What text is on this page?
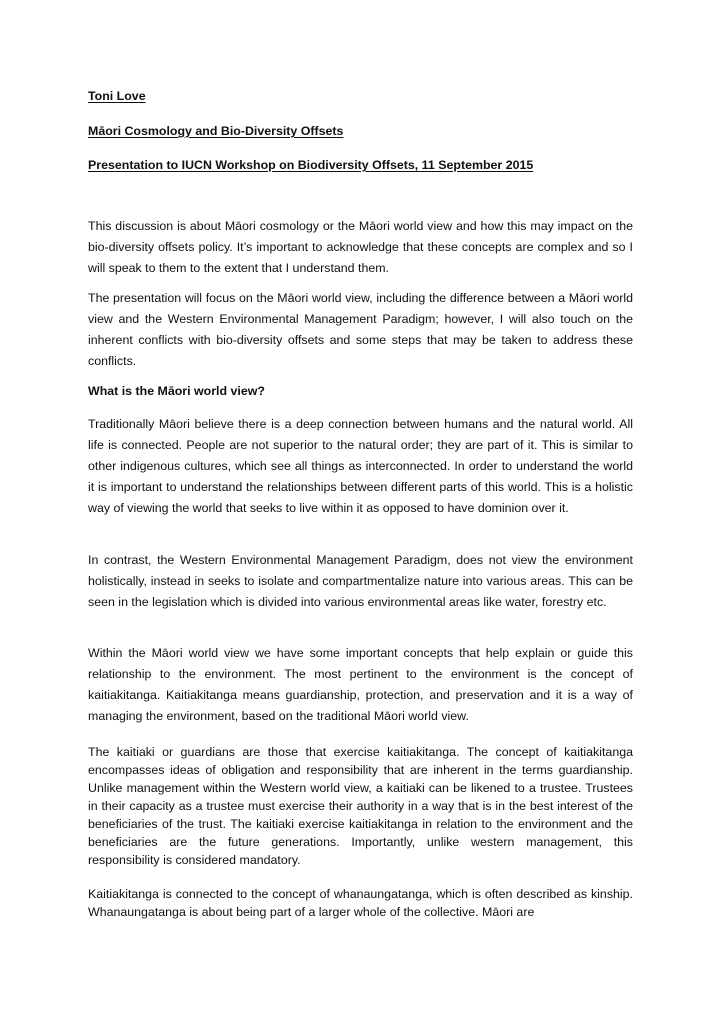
Toni Love
Māori Cosmology and Bio-Diversity Offsets
Presentation to IUCN Workshop on Biodiversity Offsets, 11 September 2015

This discussion is about Māori cosmology or the Māori world view and how this may impact on the bio-diversity offsets policy. It’s important to acknowledge that these concepts are complex and so I will speak to them to the extent that I understand them.

The presentation will focus on the Māori world view, including the difference between a Māori world view and the Western Environmental Management Paradigm; however, I will also touch on the inherent conflicts with bio-diversity offsets and some steps that may be taken to address these conflicts.

What is the Māori world view?

Traditionally Māori believe there is a deep connection between humans and the natural world. All life is connected. People are not superior to the natural order; they are part of it. This is similar to other indigenous cultures, which see all things as interconnected. In order to understand the world it is important to understand the relationships between different parts of this world. This is a holistic way of viewing the world that seeks to live within it as opposed to have dominion over it.

In contrast, the Western Environmental Management Paradigm, does not view the environment holistically, instead in seeks to isolate and compartmentalize nature into various areas. This can be seen in the legislation which is divided into various environmental areas like water, forestry etc.

Within the Māori world view we have some important concepts that help explain or guide this relationship to the environment. The most pertinent to the environment is the concept of kaitiakitanga. Kaitiakitanga means guardianship, protection, and preservation and it is a way of managing the environment, based on the traditional Māori world view.

The kaitiaki or guardians are those that exercise kaitiakitanga. The concept of kaitiakitanga encompasses ideas of obligation and responsibility that are inherent in the terms guardianship. Unlike management within the Western world view, a kaitiaki can be likened to a trustee. Trustees in their capacity as a trustee must exercise their authority in a way that is in the best interest of the beneficiaries of the trust. The kaitiaki exercise kaitiakitanga in relation to the environment and the beneficiaries are the future generations. Importantly, unlike western management, this responsibility is considered mandatory.

Kaitiakitanga is connected to the concept of whanaungatanga, which is often described as kinship. Whanaungatanga is about being part of a larger whole of the collective. Māori are
